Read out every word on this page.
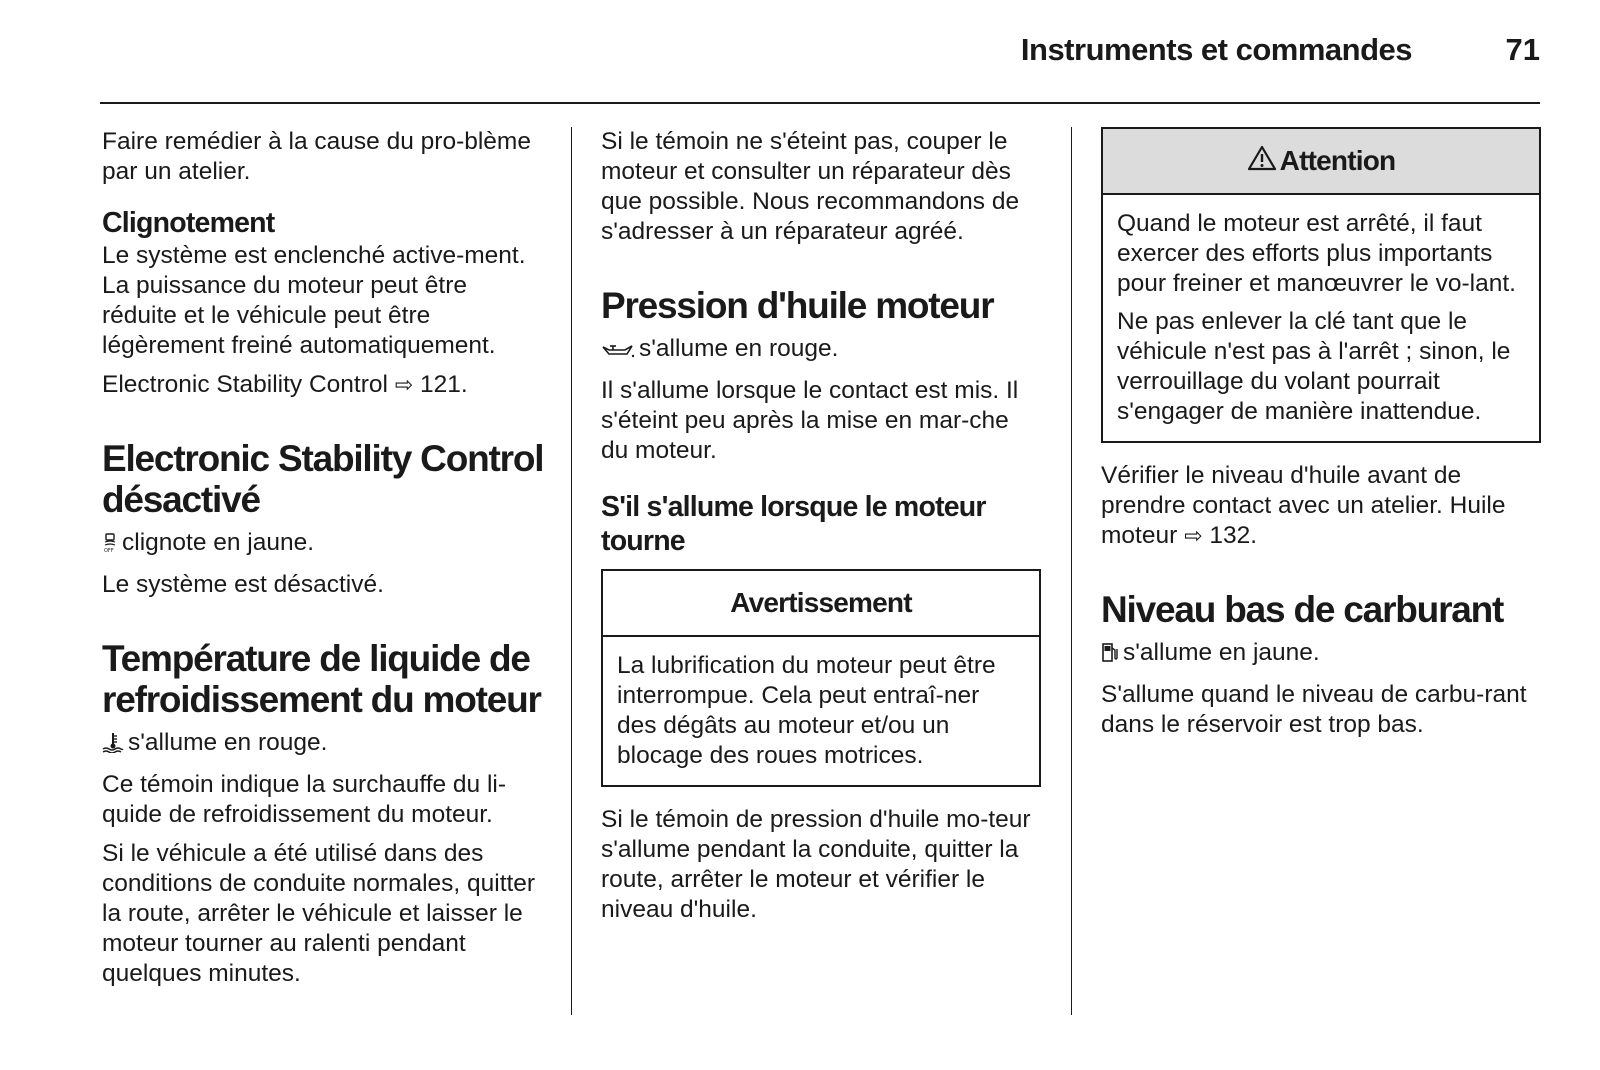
Instruments et commandes	71

Faire remédier à la cause du pro-blème par un atelier.

Clignotement

Le système est enclenché active-ment. La puissance du moteur peut être réduite et le véhicule peut être légèrement freiné automatiquement.

Electronic Stability Control ⇨ 121.

Electronic Stability Control désactivé

OFF clignote en jaune.

Le système est désactivé.

Température de liquide de refroidissement du moteur

s'allume en rouge.

Ce témoin indique la surchauffe du li-quide de refroidissement du moteur.

Si le véhicule a été utilisé dans des conditions de conduite normales, quitter la route, arrêter le véhicule et laisser le moteur tourner au ralenti pendant quelques minutes.

Si le témoin ne s'éteint pas, couper le moteur et consulter un réparateur dès que possible. Nous recommandons de s'adresser à un réparateur agréé.

Pression d'huile moteur

s'allume en rouge.

Il s'allume lorsque le contact est mis. Il s'éteint peu après la mise en mar-che du moteur.

S'il s'allume lorsque le moteur tourne
Avertissement

La lubrification du moteur peut être interrompue. Cela peut entraî-ner des dégâts au moteur et/ou un blocage des roues motrices.

Si le témoin de pression d'huile mo-teur s'allume pendant la conduite, quitter la route, arrêter le moteur et vérifier le niveau d'huile.

Attention

Quand le moteur est arrêté, il faut exercer des efforts plus importants pour freiner et manœuvrer le vo-lant.

Ne pas enlever la clé tant que le véhicule n'est pas à l'arrêt ; sinon, le verrouillage du volant pourrait s'engager de manière inattendue.

Vérifier le niveau d'huile avant de prendre contact avec un atelier. Huile moteur ⇨ 132.

Niveau bas de carburant

s'allume en jaune.

S'allume quand le niveau de carbu-rant dans le réservoir est trop bas.
